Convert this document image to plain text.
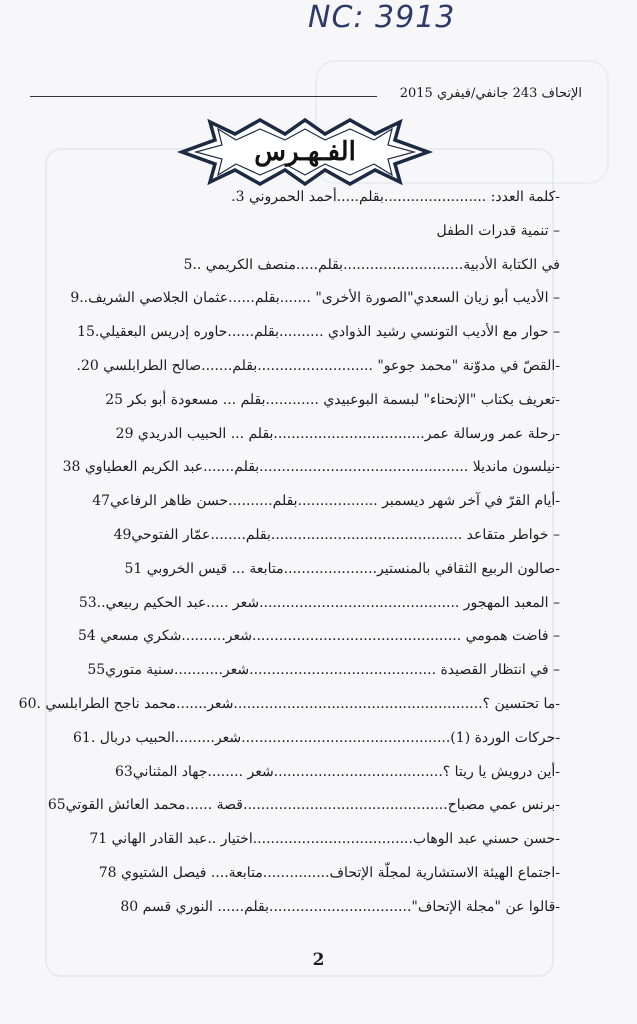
NC: 3913
الإتحاف 243 جانفي/فيفري 2015
الفـهـرس
-كلمة العدد: .......................بقلم.....أحمد الحمروني 3.
– تنمية قدرات الطفل
في الكتابة الأدبية...........................بقلم.....منصف الكريمي ..5
– الأديب أبو زيان السعدي"الصورة الأخرى" .......بقلم......عثمان الجلاصي الشريف..9
– حوار مع الأديب التونسي رشيد الذوادي ..........بقلم......حاوره إدريس البعقيلي.15
-القصّ في مدوّنة "محمد جوعو" ..........................بقلم.......صالح الطرابلسي 20.
-تعريف بكتاب "الإنحناء" لبسمة البوعبيدي ............بقلم ... مسعودة أبو بكر 25
-رحلة عمر ورسالة عمر..................................بقلم ... الحبيب الدريدي 29
-نيلسون مانديلا ...............................................بقلم.......عبد الكريم العطياوي 38
-أيام القرّ في آخر شهر ديسمبر ..................بقلم..........حسن ظاهر الرفاعي47
– خواطر متقاعد ...........................................بقلم........عمّار الفتوحي49
-صالون الربيع الثقافي بالمنستير.....................متابعة ... قيس الخروبي 51
– المعبد المهجور .............................................شعر .....عبد الحكيم ربيعي..53
– فاضت همومي ...............................................شعر..........شكري مسعي 54
– في انتظار القصيدة ..........................................شعر...........سنية متوري55
-ما تحتسين ؟........................................................شعر.......محمد ناجح الطرابلسي .60
-حركات الوردة (1)...............................................شعر.........الحبيب دربال .61
-أين درويش يا ريتا ؟......................................شعر ........جهاد المثناني63
-برنس عمي مصباح..............................................قصة ......محمد العائش القوتي65
-حسن حسني عبد الوهاب....................................اختيار ..عبد القادر الهاني 71
-اجتماع الهيئة الاستشارية لمجلّة الإتحاف...............متابعة.... فيصل الشتيوي 78
-قالوا عن "مجلة الإتحاف"................................بقلم...... النوري قسم 80
2
